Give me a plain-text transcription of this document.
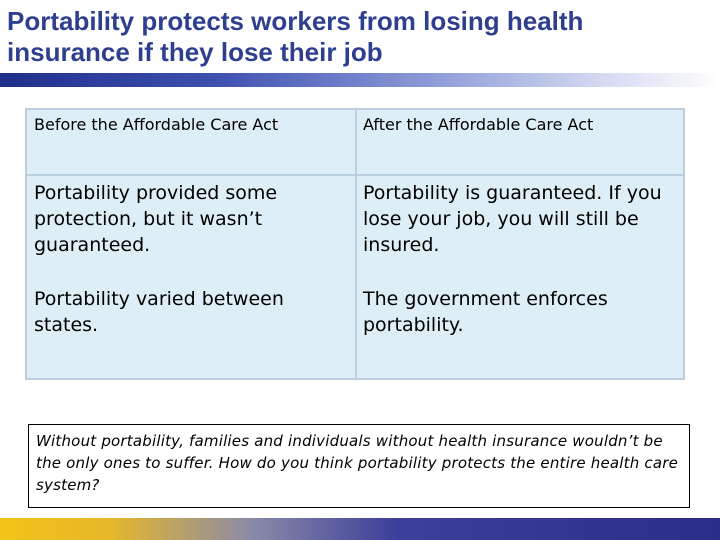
Portability protects workers from losing health
insurance if they lose their job
Before the Affordable Care Act	After the Affordable Care Act
Portability provided some protection, but it wasn’t guaranteed.
Portability is guaranteed. If you lose your job, you will still be insured.
Portability varied between states.
The government enforces portability.
Without portability, families and individuals without health insurance wouldn’t be the only ones to suffer. How do you think portability protects the entire health care system?
